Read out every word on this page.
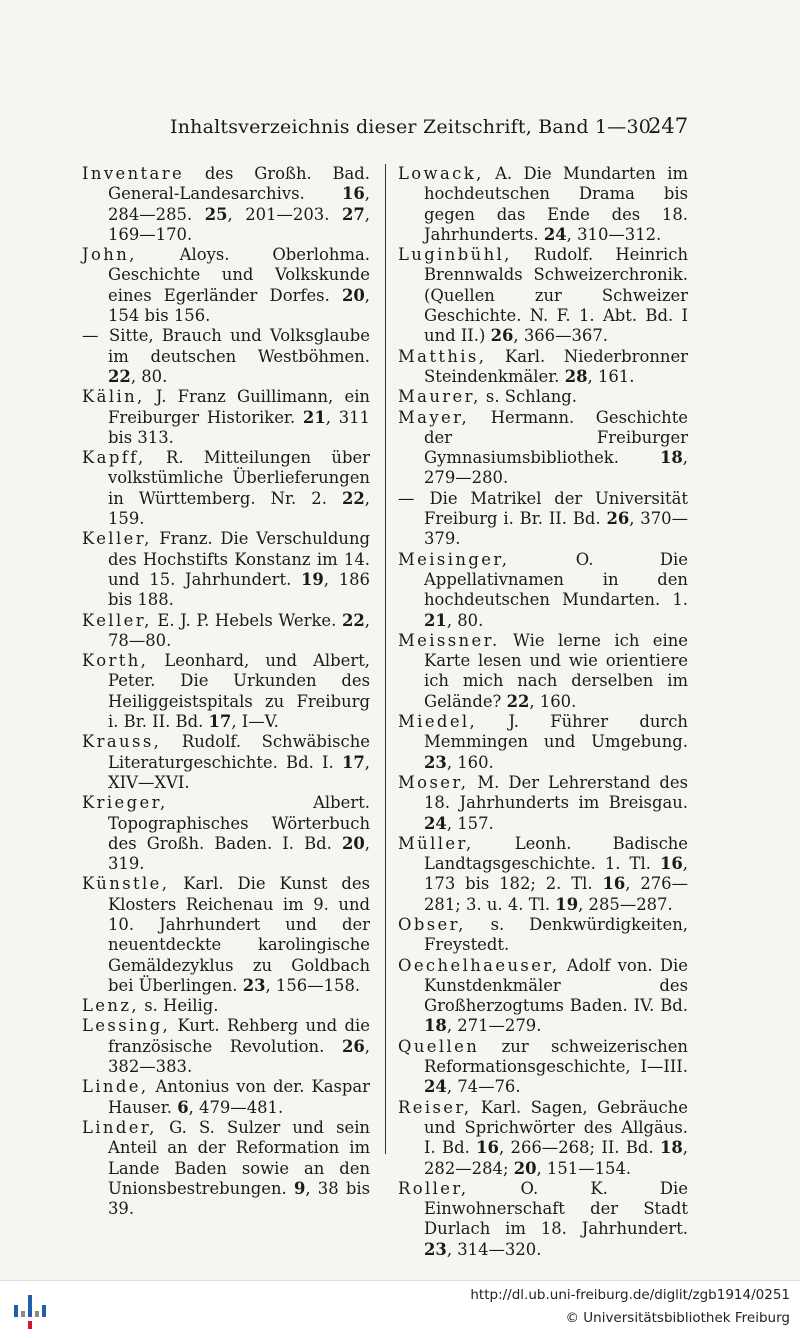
Inhaltsverzeichnis dieser Zeitschrift, Band 1—30.
247

Inventare des Großh. Bad. General-Landesarchivs. 16, 284—285. 25, 201—203. 27, 169—170.

John, Aloys. Oberlohma. Geschichte und Volkskunde eines Egerländer Dorfes. 20, 154 bis 156.

— Sitte, Brauch und Volksglaube im deutschen Westböhmen. 22, 80.

Kälin, J. Franz Guillimann, ein Freiburger Historiker. 21, 311 bis 313.

Kapff, R. Mitteilungen über volkstümliche Überlieferungen in Württemberg. Nr. 2. 22, 159.

Keller, Franz. Die Verschuldung des Hochstifts Konstanz im 14. und 15. Jahrhundert. 19, 186 bis 188.

Keller, E. J. P. Hebels Werke. 22, 78—80.

Korth, Leonhard, und Albert, Peter. Die Urkunden des Heiliggeistspitals zu Freiburg i. Br. II. Bd. 17, I—V.

Krauss, Rudolf. Schwäbische Literaturgeschichte. Bd. I. 17, XIV—XVI.

Krieger, Albert. Topographisches Wörterbuch des Großh. Baden. I. Bd. 20, 319.

Künstle, Karl. Die Kunst des Klosters Reichenau im 9. und 10. Jahrhundert und der neuentdeckte karolingische Gemäldezyklus zu Goldbach bei Überlingen. 23, 156—158.

Lenz, s. Heilig.

Lessing, Kurt. Rehberg und die französische Revolution. 26, 382—383.

Linde, Antonius von der. Kaspar Hauser. 6, 479—481.

Linder, G. S. Sulzer und sein Anteil an der Reformation im Lande Baden sowie an den Unionsbestrebungen. 9, 38 bis 39.

Lowack, A. Die Mundarten im hochdeutschen Drama bis gegen das Ende des 18. Jahrhunderts. 24, 310—312.

Luginbühl, Rudolf. Heinrich Brennwalds Schweizerchronik. (Quellen zur Schweizer Geschichte. N. F. 1. Abt. Bd. I und II.) 26, 366—367.

Matthis, Karl. Niederbronner Steindenkmäler. 28, 161.

Maurer, s. Schlang.

Mayer, Hermann. Geschichte der Freiburger Gymnasiumsbibliothek. 18, 279—280.

— Die Matrikel der Universität Freiburg i. Br. II. Bd. 26, 370—379.

Meisinger, O. Die Appellativnamen in den hochdeutschen Mundarten. 1. 21, 80.

Meissner. Wie lerne ich eine Karte lesen und wie orientiere ich mich nach derselben im Gelände? 22, 160.

Miedel, J. Führer durch Memmingen und Umgebung. 23, 160.

Moser, M. Der Lehrerstand des 18. Jahrhunderts im Breisgau. 24, 157.

Müller, Leonh. Badische Landtagsgeschichte. 1. Tl. 16, 173 bis 182; 2. Tl. 16, 276—281; 3. u. 4. Tl. 19, 285—287.

Obser, s. Denkwürdigkeiten, Freystedt.

Oechelhaeuser, Adolf von. Die Kunstdenkmäler des Großherzogtums Baden. IV. Bd. 18, 271—279.

Quellen zur schweizerischen Reformationsgeschichte, I—III. 24, 74—76.

Reiser, Karl. Sagen, Gebräuche und Sprichwörter des Allgäus. I. Bd. 16, 266—268; II. Bd. 18, 282—284; 20, 151—154.

Roller, O. K. Die Einwohnerschaft der Stadt Durlach im 18. Jahrhundert. 23, 314—320.

http://dl.ub.uni-freiburg.de/diglit/zgb1914/0251
© Universitätsbibliothek Freiburg
